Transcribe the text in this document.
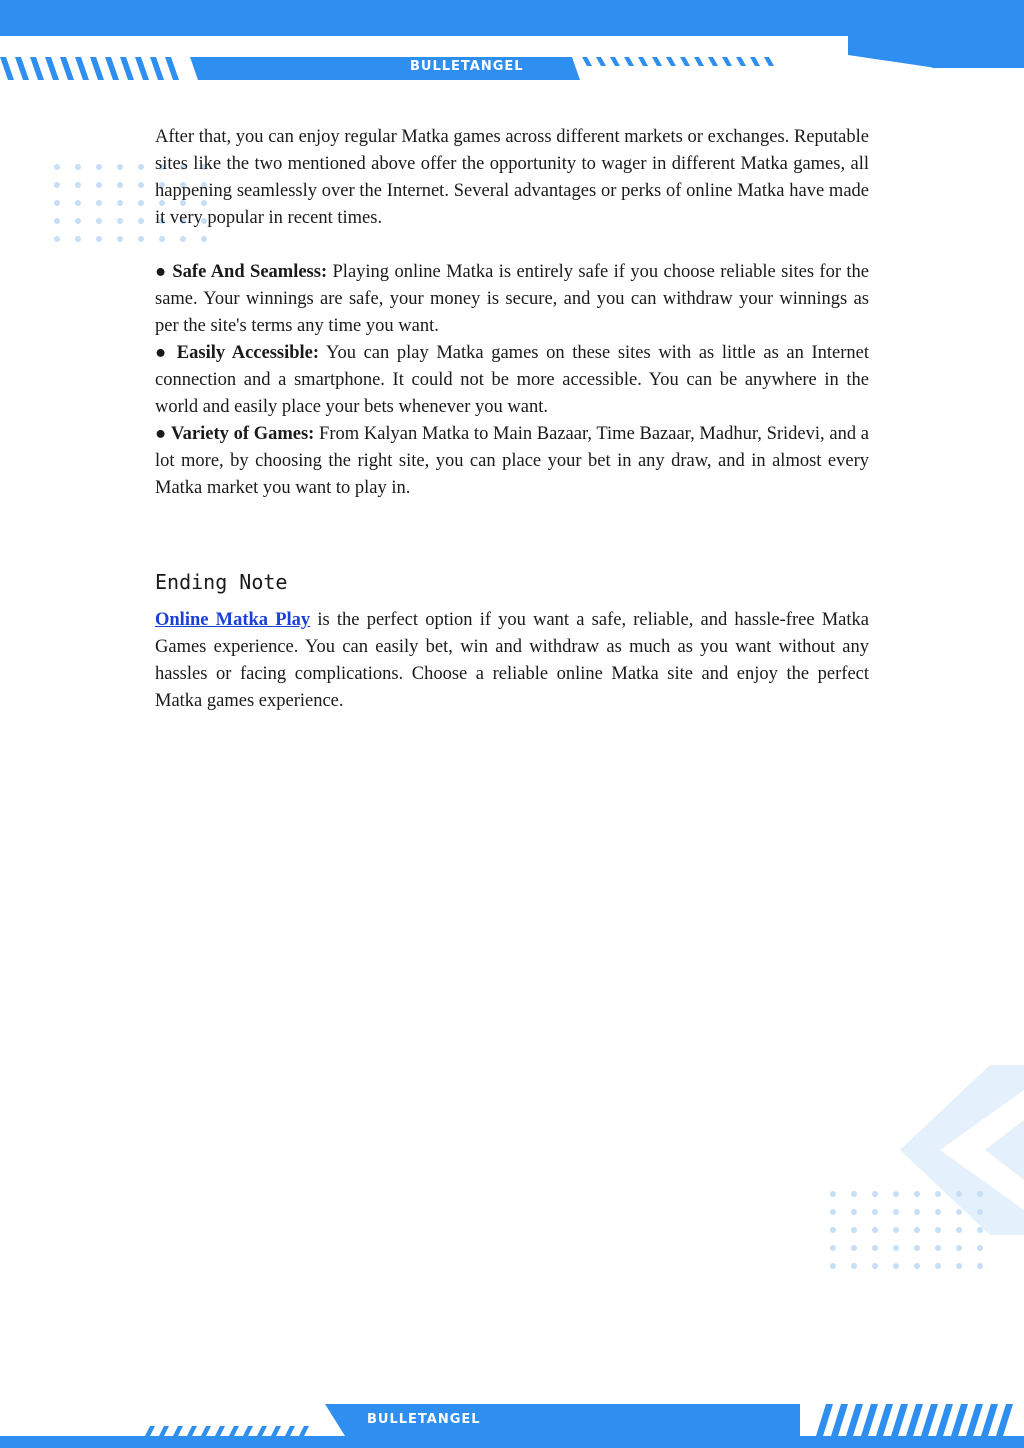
BULLETANGEL
BULLETANGEL

After that, you can enjoy regular Matka games across different markets or exchanges. Reputable sites like the two mentioned above offer the opportunity to wager in different Matka games, all happening seamlessly over the Internet. Several advantages or perks of online Matka have made it very popular in recent times.

● Safe And Seamless: Playing online Matka is entirely safe if you choose reliable sites for the same. Your winnings are safe, your money is secure, and you can withdraw your winnings as per the site's terms any time you want.

● Easily Accessible: You can play Matka games on these sites with as little as an Internet connection and a smartphone. It could not be more accessible. You can be anywhere in the world and easily place your bets whenever you want.

● Variety of Games: From Kalyan Matka to Main Bazaar, Time Bazaar, Madhur, Sridevi, and a lot more, by choosing the right site, you can place your bet in any draw, and in almost every Matka market you want to play in.

Ending Note

Online Matka Play is the perfect option if you want a safe, reliable, and hassle-free Matka Games experience. You can easily bet, win and withdraw as much as you want without any hassles or facing complications. Choose a reliable online Matka site and enjoy the perfect Matka games experience.
